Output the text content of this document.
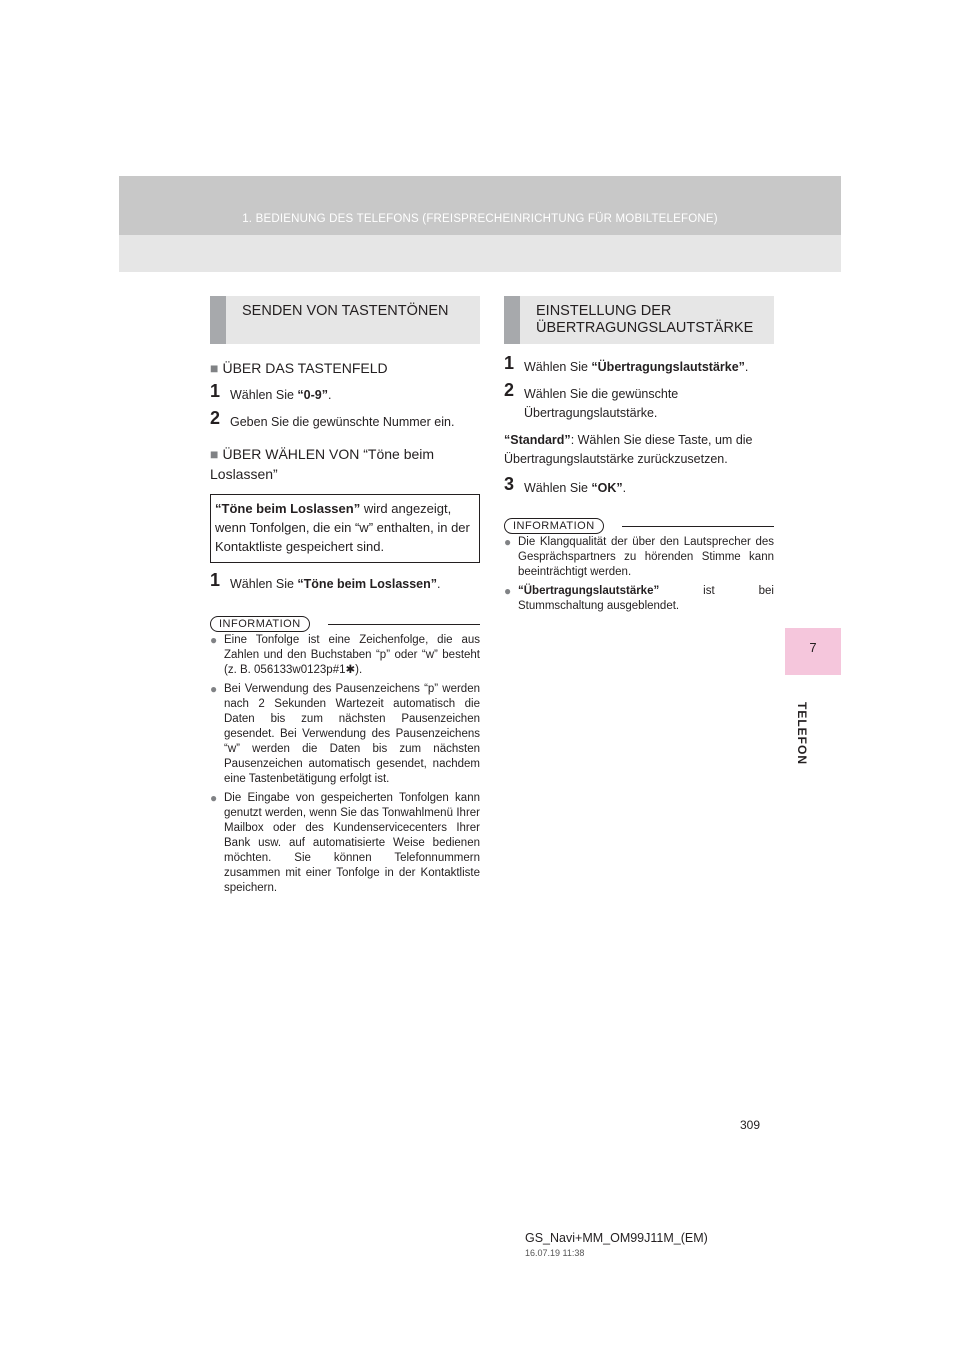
1. BEDIENUNG DES TELEFONS (FREISPRECHEINRICHTUNG FÜR MOBILTELEFONE)
7
TELEFON
SENDEN VON TASTENTÖNEN
■ ÜBER DAS TASTENFELD
1 Wählen Sie “0-9”.
2 Geben Sie die gewünschte Nummer ein.
■ ÜBER WÄHLEN VON “Töne beim Loslassen”
“Töne beim Loslassen” wird angezeigt, wenn Tonfolgen, die ein “w” enthalten, in der Kontaktliste gespeichert sind.
1 Wählen Sie “Töne beim Loslassen”.
INFORMATION
● Eine Tonfolge ist eine Zeichenfolge, die aus Zahlen und den Buchstaben “p” oder “w” besteht (z. B. 056133w0123p#1✱).
● Bei Verwendung des Pausenzeichens “p” werden nach 2 Sekunden Wartezeit automatisch die Daten bis zum nächsten Pausenzeichen gesendet. Bei Verwendung des Pausenzeichens “w” werden die Daten bis zum nächsten Pausenzeichen automatisch gesendet, nachdem eine Tastenbetätigung erfolgt ist.
● Die Eingabe von gespeicherten Tonfolgen kann genutzt werden, wenn Sie das Tonwahlmenü Ihrer Mailbox oder des Kundenservicecenters Ihrer Bank usw. auf automatisierte Weise bedienen möchten. Sie können Telefonnummern zusammen mit einer Tonfolge in der Kontaktliste speichern.
EINSTELLUNG DER ÜBERTRAGUNGSLAUTSTÄRKE
1 Wählen Sie “Übertragungslautstärke”.
2 Wählen Sie die gewünschte Übertragungslautstärke.
“Standard”: Wählen Sie diese Taste, um die Übertragungslautstärke zurückzusetzen.
3 Wählen Sie “OK”.
INFORMATION
● Die Klangqualität der über den Lautsprecher des Gesprächspartners zu hörenden Stimme kann beeinträchtigt werden.
● “Übertragungslautstärke” ist bei Stummschaltung ausgeblendet.
309
GS_Navi+MM_OM99J11M_(EM)
16.07.19 11:38
